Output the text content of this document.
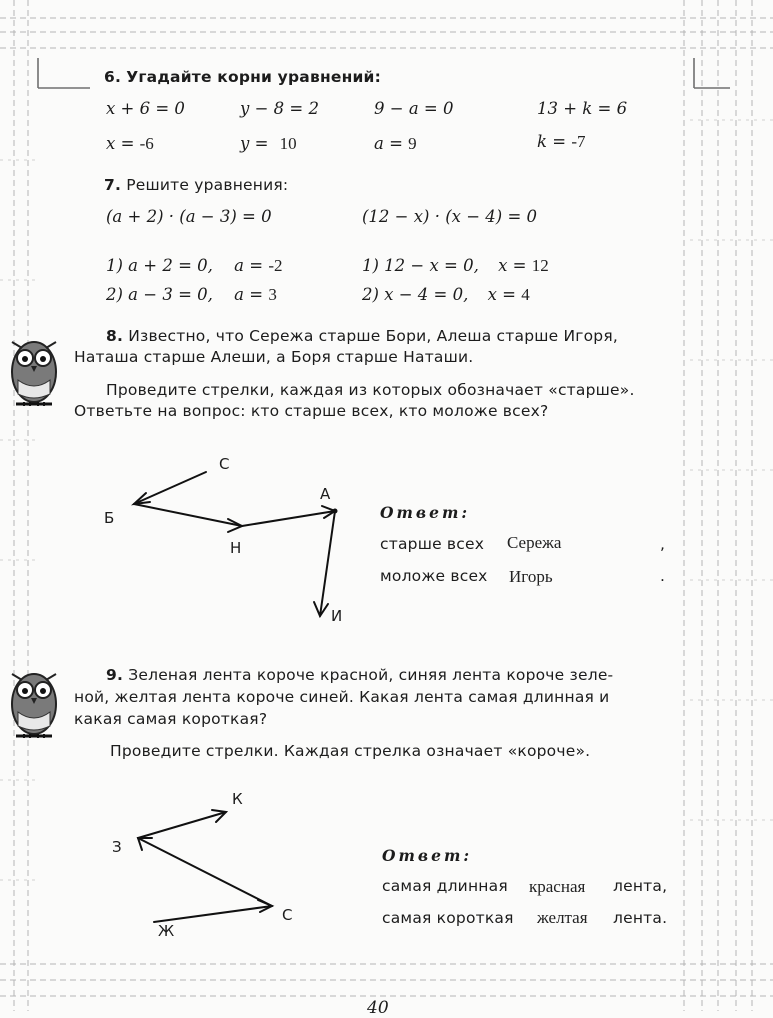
6. Угадайте корни уравнений:
x + 6 = 0	y − 8 = 2	9 − a = 0	13 + k = 6
x = -6	y = 10	a = 9	k = -7
7. Решите уравнения:
(a + 2) · (a − 3) = 0	(12 − x) · (x − 4) = 0
1) a + 2 = 0, a = -2
2) a − 3 = 0, a = 3
1) 12 − x = 0, x = 12
2) x − 4 = 0, x = 4
8. Известно, что Сережа старше Бори, Алеша старше Игоря,
Наташа старше Алеши, а Боря старше Наташи.
Проведите стрелки, каждая из которых обозначает «старше».
Ответьте на вопрос: кто старше всех, кто моложе всех?
С
Б
Н
А
И
Ответ:
старше всех Сережа	,
моложе всех Игорь	.
9. Зеленая лента короче красной, синяя лента короче зеле-
ной, желтая лента короче синей. Какая лента самая длинная и
какая самая короткая?
Проведите стрелки. Каждая стрелка означает «короче».
К
З
С
Ж
Ответ:
самая длинная красная лента,
самая короткая желтая лента.
40
